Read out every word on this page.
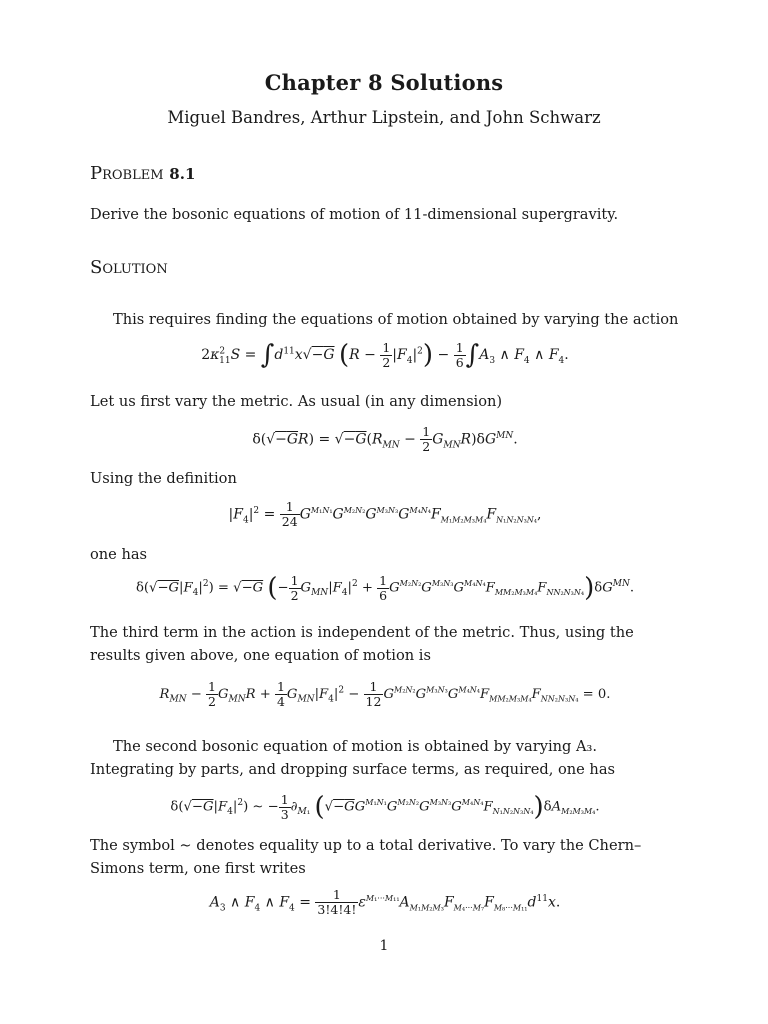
Chapter 8 Solutions
Miguel Bandres, Arthur Lipstein, and John Schwarz
Problem 8.1
Derive the bosonic equations of motion of 11-dimensional supergravity.
Solution
This requires finding the equations of motion obtained by varying the action
$2\kappa^2_{11}S = \int d^{11}x√-G$ $(R - \frac{1}{2} |F_4|^2) - \frac{1}{6} \int A_3$ ∧ $F_4$ ∧ $F_4$.
Let us first vary the metric. As usual (in any dimension)
$\delta(√-GR) = √-G(R_{MN} - \frac{1}{2} G_{MN}R)\delta G^{MN}$.
Using the definition
$|F_4|^2 = \frac{1}{24} G^{M_1N_1}G^{M_2N_2}G^{M_3N_3}G^{M_4N_4}F_{M_1M_2M_3M_4}F_{N_1N_2N_3N_4}$,
one has
$\delta(√-G|F_4|^2) = √-G$ (− $\frac{1}{2} G_{MN}|F_4|^2 + \frac{1}{6} G^{M_2N_2}G^{M_3N_3}G^{M_4N_4}F_{MM_2M_3M_4}F_{NN_2N_3N_4})\delta G^{MN}$.
The third term in the action is independent of the metric. Thus, using the results given above, one equation of motion is
$R_{MN} - \frac{1}{2} G_{MN}R + \frac{1}{4} G_{MN}|F_4|^2 - \frac{1}{12} G^{M_2N_2}G^{M_3N_3}G^{M_4N_4}F_{MM_2M_3M_4}F_{NN_2N_3N_4} = 0$.
The second bosonic equation of motion is obtained by varying A₃. Integrating by parts, and dropping surface terms, as required, one has
$\delta(√-G|F_4|^2)$ ∼ − $\frac{1}{3} \partial_{M_1}$ $(√-GG^{M_1N_1}G^{M_2N_2}G^{M_3N_3}G^{M_4N_4}F_{N_1N_2N_3N_4})\delta A_{M_2M_3M_4}$.
The symbol ∼ denotes equality up to a total derivative. To vary the Chern–Simons term, one first writes
$A_3$ ∧ $F_4$ ∧ $F_4 = \frac{1}{3!4!4!} \varepsilon^{M_1\cdot\cdot\cdot M_{11}}A_{M_1M_2M_3}F_{M_4\cdot\cdot\cdot M_7}F_{M_8\cdot\cdot\cdot M_{11}}d^{11}x$.
1
